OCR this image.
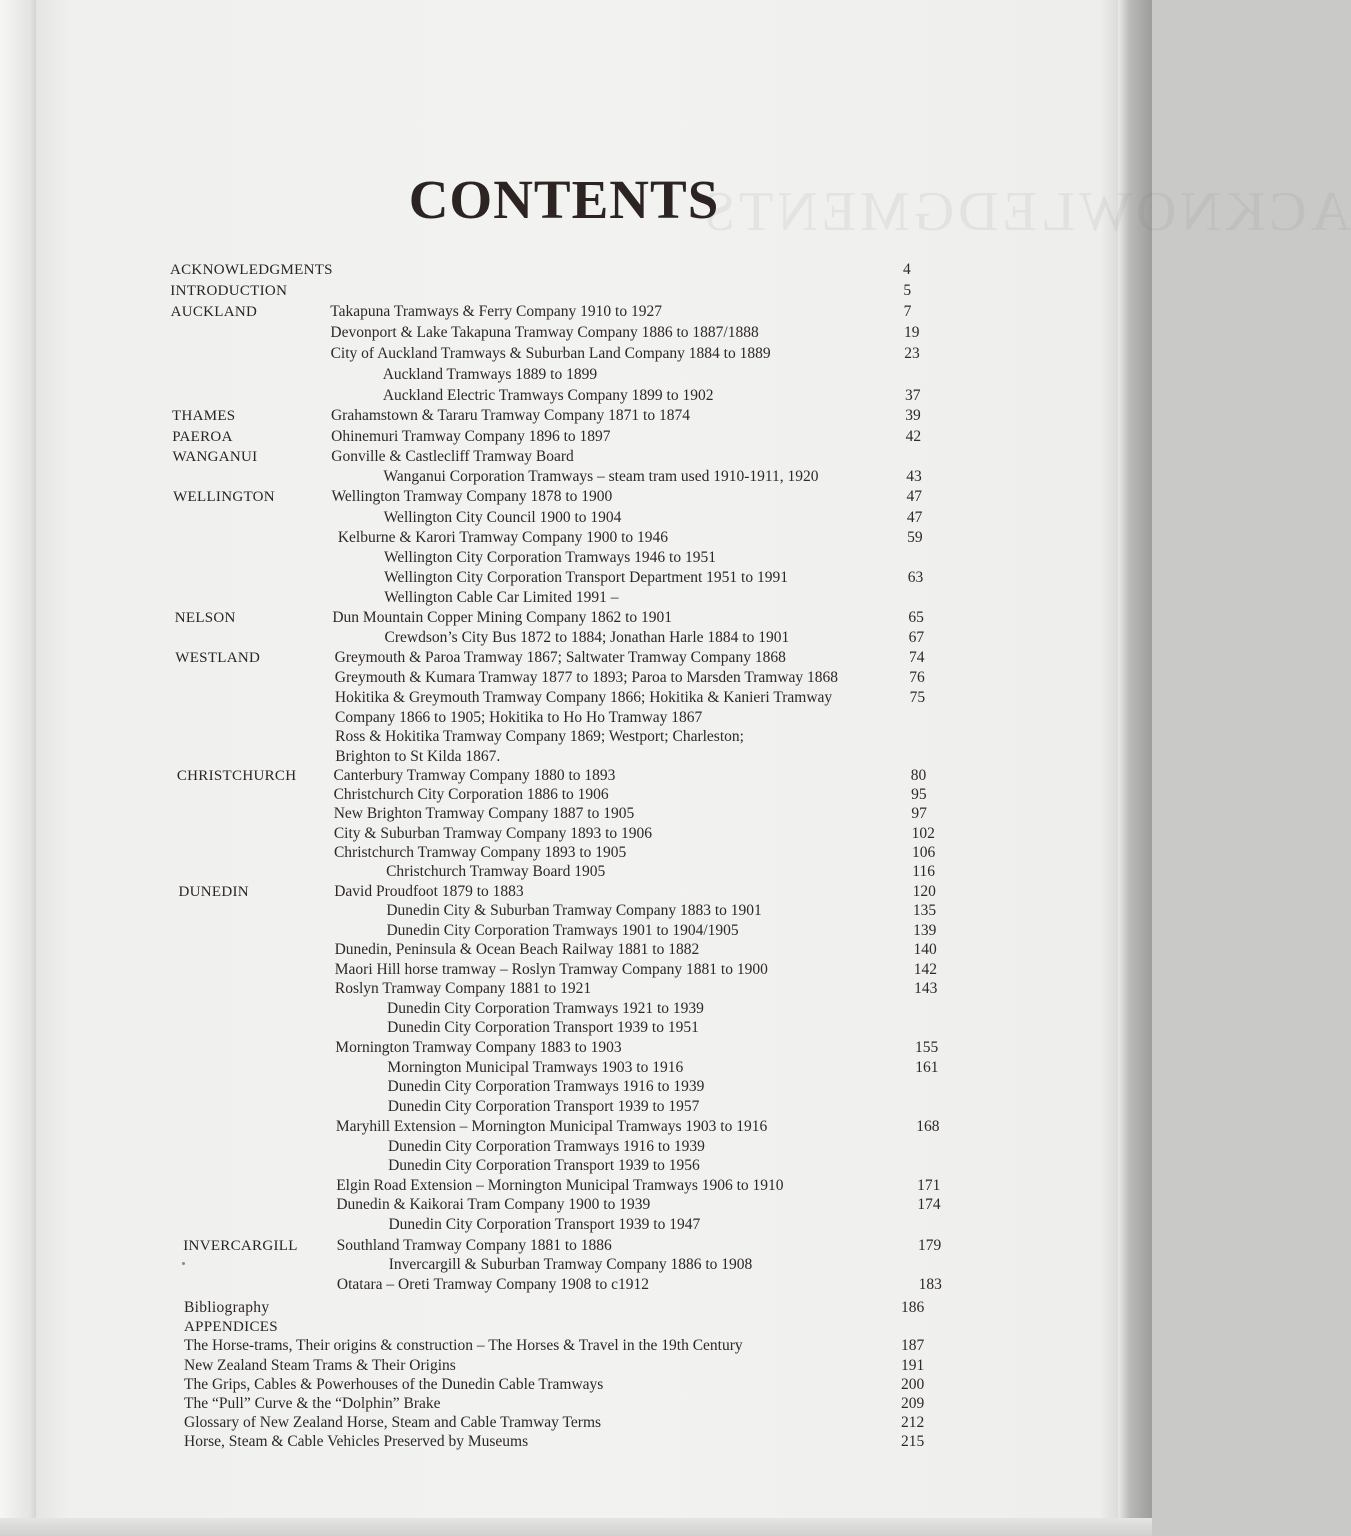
ACKNOWLEDGMENTS
CONTENTS
ACKNOWLEDGMENTS	4
INTRODUCTION	5
AUCKLAND	Takapuna Tramways & Ferry Company 1910 to 1927	7
Devonport & Lake Takapuna Tramway Company 1886 to 1887/1888	19
City of Auckland Tramways & Suburban Land Company 1884 to 1889	23
Auckland Tramways 1889 to 1899
Auckland Electric Tramways Company 1899 to 1902	37
THAMES	Grahamstown & Tararu Tramway Company 1871 to 1874	39
PAEROA	Ohinemuri Tramway Company 1896 to 1897	42
WANGANUI	Gonville & Castlecliff Tramway Board
Wanganui Corporation Tramways – steam tram used 1910-1911, 1920	43
WELLINGTON	Wellington Tramway Company 1878 to 1900	47
Wellington City Council 1900 to 1904	47
Kelburne & Karori Tramway Company 1900 to 1946	59
Wellington City Corporation Tramways 1946 to 1951
Wellington City Corporation Transport Department 1951 to 1991	63
Wellington Cable Car Limited 1991 –
NELSON	Dun Mountain Copper Mining Company 1862 to 1901	65
Crewdson’s City Bus 1872 to 1884; Jonathan Harle 1884 to 1901	67
WESTLAND	Greymouth & Paroa Tramway 1867; Saltwater Tramway Company 1868	74
Greymouth & Kumara Tramway 1877 to 1893; Paroa to Marsden Tramway 1868	76
Hokitika & Greymouth Tramway Company 1866; Hokitika & Kanieri Tramway	75
Company 1866 to 1905; Hokitika to Ho Ho Tramway 1867
Ross & Hokitika Tramway Company 1869; Westport; Charleston;
Brighton to St Kilda 1867.
CHRISTCHURCH Canterbury Tramway Company 1880 to 1893	80
Christchurch City Corporation 1886 to 1906	95
New Brighton Tramway Company 1887 to 1905	97
City & Suburban Tramway Company 1893 to 1906	102
Christchurch Tramway Company 1893 to 1905	106
Christchurch Tramway Board 1905	116
DUNEDIN	David Proudfoot 1879 to 1883	120
Dunedin City & Suburban Tramway Company 1883 to 1901	135
Dunedin City Corporation Tramways 1901 to 1904/1905	139
Dunedin, Peninsula & Ocean Beach Railway 1881 to 1882	140
Maori Hill horse tramway – Roslyn Tramway Company 1881 to 1900	142
Roslyn Tramway Company 1881 to 1921	143
Dunedin City Corporation Tramways 1921 to 1939
Dunedin City Corporation Transport 1939 to 1951
Mornington Tramway Company 1883 to 1903	155
Mornington Municipal Tramways 1903 to 1916	161
Dunedin City Corporation Tramways 1916 to 1939
Dunedin City Corporation Transport 1939 to 1957
Maryhill Extension – Mornington Municipal Tramways 1903 to 1916	168
Dunedin City Corporation Tramways 1916 to 1939
Dunedin City Corporation Transport 1939 to 1956
Elgin Road Extension – Mornington Municipal Tramways 1906 to 1910	171
Dunedin & Kaikorai Tram Company 1900 to 1939	174
Dunedin City Corporation Transport 1939 to 1947
INVERCARGILL	Southland Tramway Company 1881 to 1886	179
Invercargill & Suburban Tramway Company 1886 to 1908
Otatara – Oreti Tramway Company 1908 to c1912	183
Bibliography	186
APPENDICES
The Horse-trams, Their origins & construction – The Horses & Travel in the 19th Century	187
New Zealand Steam Trams & Their Origins	191
The Grips, Cables & Powerhouses of the Dunedin Cable Tramways	200
The “Pull” Curve & the “Dolphin” Brake	209
Glossary of New Zealand Horse, Steam and Cable Tramway Terms	212
Horse, Steam & Cable Vehicles Preserved by Museums	215
